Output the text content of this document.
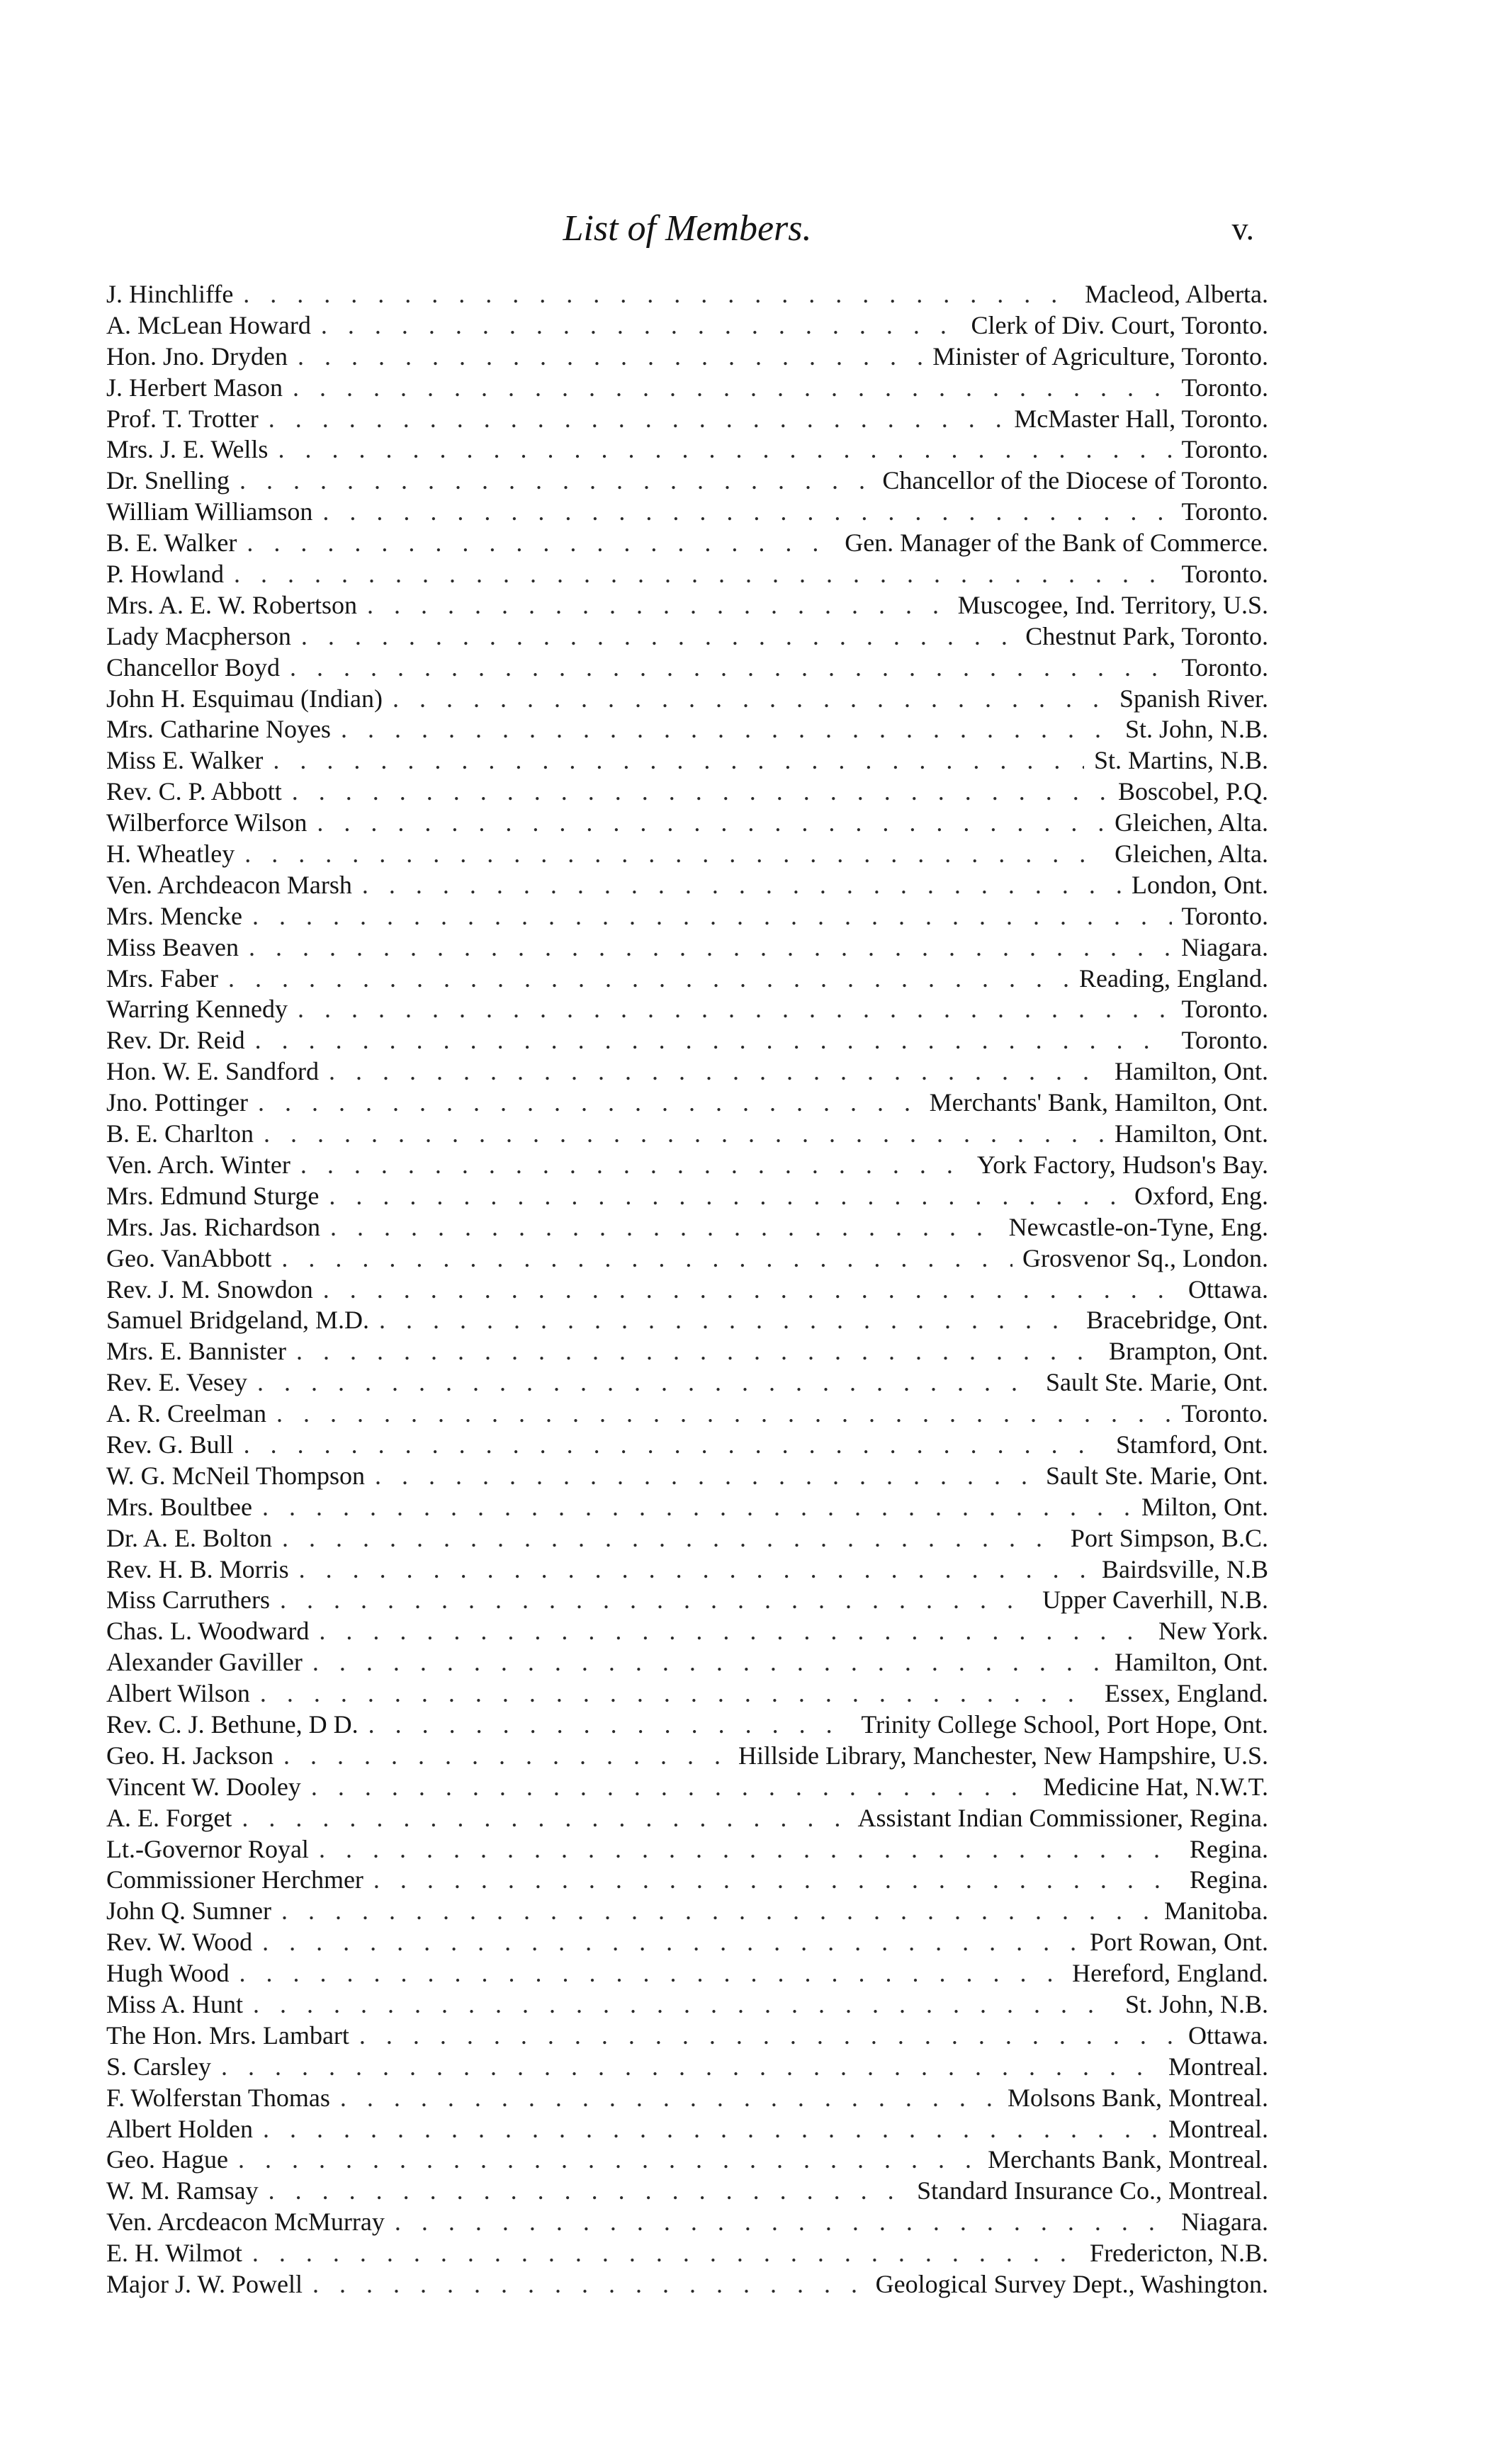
List of Members.	v.
J. Hinchliffe . . .	Macleod, Alberta.
A. McLean Howard . . .	Clerk of Div. Court, Toronto.
Hon. Jno. Dryden . . .	Minister of Agriculture, Toronto.
J. Herbert Mason . . .	Toronto.
Prof. T. Trotter . . .	McMaster Hall, Toronto.
Mrs. J. E. Wells . . .	Toronto.
Dr. Snelling . . .	Chancellor of the Diocese of Toronto.
William Williamson . . .	Toronto.
B. E. Walker . . .	Gen. Manager of the Bank of Commerce.
P. Howland . . .	Toronto.
Mrs. A. E. W. Robertson . . .	Muscogee, Ind. Territory, U.S.
Lady Macpherson . . .	Chestnut Park, Toronto.
Chancellor Boyd . . .	Toronto.
John H. Esquimau (Indian) . . .	Spanish River.
Mrs. Catharine Noyes . . .	St. John, N.B.
Miss E. Walker . . .	St. Martins, N.B.
Rev. C. P. Abbott . . .	Boscobel, P.Q.
Wilberforce Wilson . . .	Gleichen, Alta.
H. Wheatley . . .	Gleichen, Alta.
Ven. Archdeacon Marsh . . .	London, Ont.
Mrs. Mencke . . .	Toronto.
Miss Beaven . . .	Niagara.
Mrs. Faber . . .	Reading, England.
Warring Kennedy . . .	Toronto.
Rev. Dr. Reid . . .	Toronto.
Hon. W. E. Sandford . . .	Hamilton, Ont.
Jno. Pottinger . . .	Merchants' Bank, Hamilton, Ont.
B. E. Charlton . . .	Hamilton, Ont.
Ven. Arch. Winter . . .	York Factory, Hudson's Bay.
Mrs. Edmund Sturge . . .	Oxford, Eng.
Mrs. Jas. Richardson . . .	Newcastle-on-Tyne, Eng.
Geo. VanAbbott . . .	Grosvenor Sq., London.
Rev. J. M. Snowdon . . .	Ottawa.
Samuel Bridgeland, M.D. . . .	Bracebridge, Ont.
Mrs. E. Bannister . . .	Brampton, Ont.
Rev. E. Vesey . . .	Sault Ste. Marie, Ont.
A. R. Creelman . . .	Toronto.
Rev. G. Bull . . .	Stamford, Ont.
W. G. McNeil Thompson . . .	Sault Ste. Marie, Ont.
Mrs. Boultbee . . .	Milton, Ont.
Dr. A. E. Bolton . . .	Port Simpson, B.C.
Rev. H. B. Morris . . .	Bairdsville, N.B
Miss Carruthers . . .	Upper Caverhill, N.B.
Chas. L. Woodward . . .	New York.
Alexander Gaviller . . .	Hamilton, Ont.
Albert Wilson . . .	Essex, England.
Rev. C. J. Bethune, D D. . . .	Trinity College School, Port Hope, Ont.
Geo. H. Jackson . . .	Hillside Library, Manchester, New Hampshire, U.S.
Vincent W. Dooley . . .	Medicine Hat, N.W.T.
A. E. Forget . . .	Assistant Indian Commissioner, Regina.
Lt.-Governor Royal . . .	Regina.
Commissioner Herchmer . . .	Regina.
John Q. Sumner . . .	Manitoba.
Rev. W. Wood . . .	Port Rowan, Ont.
Hugh Wood . . .	Hereford, England.
Miss A. Hunt . . .	St. John, N.B.
The Hon. Mrs. Lambart . . .	Ottawa.
S. Carsley . . .	Montreal.
F. Wolferstan Thomas . . .	Molsons Bank, Montreal.
Albert Holden . . .	Montreal.
Geo. Hague . . .	Merchants Bank, Montreal.
W. M. Ramsay . . .	Standard Insurance Co., Montreal.
Ven. Arcdeacon McMurray . . .	Niagara.
E. H. Wilmot . . .	Fredericton, N.B.
Major J. W. Powell . . .	Geological Survey Dept., Washington.
